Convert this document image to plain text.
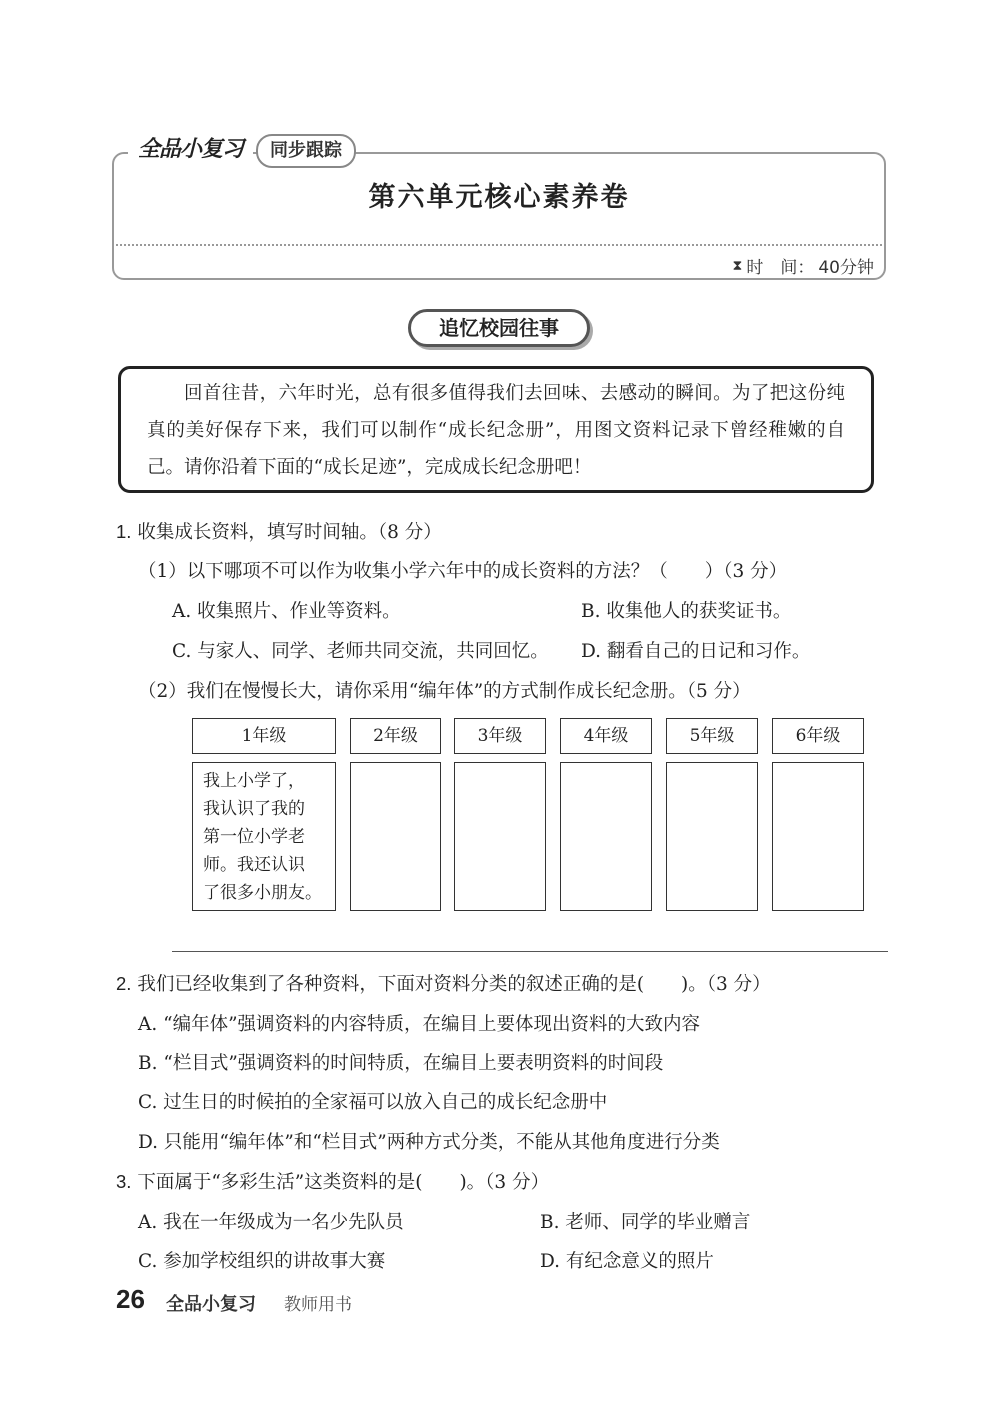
全品小复习	同步跟踪
第六单元核心素养卷
⧗ 时　间： 40分钟
追忆校园往事
回首往昔，六年时光，总有很多值得我们去回味、去感动的瞬间。为了把这份纯真的美好保存下来，我们可以制作“成长纪念册”，用图文资料记录下曾经稚嫩的自己。请你沿着下面的“成长足迹”，完成成长纪念册吧！
1. 收集成长资料，填写时间轴。（8 分）
（1）以下哪项不可以作为收集小学六年中的成长资料的方法？（　　）（3 分）
A. 收集照片、作业等资料。	B. 收集他人的获奖证书。
C. 与家人、同学、老师共同交流，共同回忆。 D. 翻看自己的日记和习作。
（2）我们在慢慢长大，请你采用“编年体”的方式制作成长纪念册。（5 分）
1年级	2年级	3年级	4年级	5年级	6年级
我上小学了，
我认识了我的
第一位小学老
师。我还认识
了很多小朋友。
2. 我们已经收集到了各种资料，下面对资料分类的叙述正确的是(　　)。（3 分）
A. “编年体”强调资料的内容特质，在编目上要体现出资料的大致内容
B. “栏目式”强调资料的时间特质，在编目上要表明资料的时间段
C. 过生日的时候拍的全家福可以放入自己的成长纪念册中
D. 只能用“编年体”和“栏目式”两种方式分类，不能从其他角度进行分类
3. 下面属于“多彩生活”这类资料的是(　　)。（3 分）
A. 我在一年级成为一名少先队员	B. 老师、同学的毕业赠言
C. 参加学校组织的讲故事大赛	D. 有纪念意义的照片
26 全品小复习 教师用书
